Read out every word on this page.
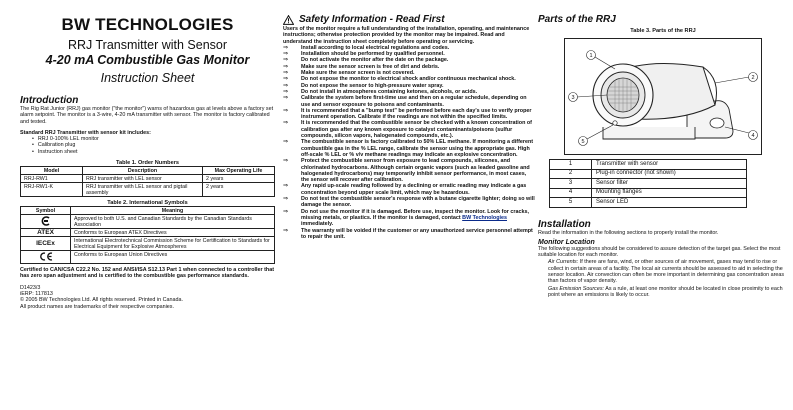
BW TECHNOLOGIES
RRJ Transmitter with Sensor
4-20 mA Combustible Gas Monitor
Instruction Sheet
Introduction

The Rig Rat Junior (RRJ) gas monitor ("the monitor") warns of hazardous gas at levels above a factory set alarm setpoint. The monitor is a 3-wire, 4-20 mA transmitter with sensor. The monitor is factory calibrated and tested.

Standard RRJ Transmitter with sensor kit includes:

• RRJ 0-100% LEL monitor
• Calibration plug
• Instruction sheet
Table 1. Order Numbers
Model	Description	Max Operating Life
RRJ-RW1	RRJ transmitter with LEL sensor	2 years
RRJ-RW1-K	RRJ transmitter with LEL sensor and pigtail assembly	2 years
Table 2. International Symbols
Symbol	Meaning
	Approved to both U.S. and Canadian Standards by the Canadian Standards Association
ATEX	Conforms to European ATEX Directives
IECEx	International Electrotechnical Commission Scheme for Certification to Standards for Electrical Equipment for Explosive Atmospheres
	Conforms to European Union Directives

Certified to CAN/CSA C22.2 No. 152 and ANSI/ISA S12.13 Part 1 when connected to a controller that has zero span adjustment and is certified to the combustible gas performance standards.

D1423/3
iERP: 117813
© 2005 BW Technologies Ltd. All rights reserved. Printed in Canada.
All product names are trademarks of their respective companies.

Safety Information - Read First

Users of the monitor require a full understanding of the installation, operating, and maintenance instructions; otherwise protection provided by the monitor may be impaired. Read and understand the instruction sheet completely before operating or servicing.

⇒	Install according to local electrical regulations and codes.

⇒	Installation should be performed by qualified personnel.

⇒	Do not activate the monitor after the date on the package.

⇒	Make sure the sensor screen is free of dirt and debris.

⇒	Make sure the sensor screen is not covered.

⇒	Do not expose the monitor to electrical shock and/or continuous mechanical shock.

⇒	Do not expose the sensor to high-pressure water spray.

⇒	Do not install in atmospheres containing ketones, alcohols, or acids.

⇒	Calibrate the system before first-time use and then on a regular schedule, depending on use and sensor exposure to poisons and contaminants.

⇒	It is recommended that a "bump test" be performed before each day's use to verify proper instrument operation. Calibrate if the readings are not within the specified limits.

⇒	It is recommended that the combustible sensor be checked with a known concentration of calibration gas after any known exposure to catalyst contaminants/poisons (sulfur compounds, silicon vapors, halogenated compounds, etc.).

⇒	The combustible sensor is factory calibrated to 50% LEL methane. If monitoring a different combustible gas in the % LEL range, calibrate the sensor using the appropriate gas. High off-scale % LEL or % v/v methane readings may indicate an explosive concentration.

⇒	Protect the combustible sensor from exposure to lead compounds, silicones, and chlorinated hydrocarbons. Although certain organic vapors (such as leaded gasoline and halogenated hydrocarbons) may temporarily inhibit sensor performance, in most cases, the sensor will recover after calibration.

⇒	Any rapid up-scale reading followed by a declining or erratic reading may indicate a gas concentration beyond upper scale limit, which may be hazardous.

⇒	Do not test the combustible sensor's response with a butane cigarette lighter; doing so will damage the sensor.

⇒	Do not use the monitor if it is damaged. Before use, inspect the monitor. Look for cracks, missing metals, or plastics. If the monitor is damaged, contact BW Technologies immediately.

⇒	The warranty will be voided if the customer or any unauthorized service personnel attempt to repair the unit.

Parts of the RRJ
Table 3. Parts of the RRJ
1
2
3
4
5
1	Transmitter with sensor
2	Plug-in connector (not shown)
3	Sensor filter
4	Mounting flanges
5	Sensor LED
Installation

Read the information in the following sections to properly install the monitor.

Monitor Location

The following suggestions should be considered to assure detection of the target gas. Select the most suitable location for each monitor.

Air Currents: If there are fans, wind, or other sources of air movement, gases may tend to rise or collect in certain areas of a facility. The local air currents should be assessed to aid in selecting the sensor location. Air convection can often be more important in determining gas concentration areas than factors of vapor density.

Gas Emission Sources: As a rule, at least one monitor should be located in close proximity to each point where an emissions is likely to occur.
